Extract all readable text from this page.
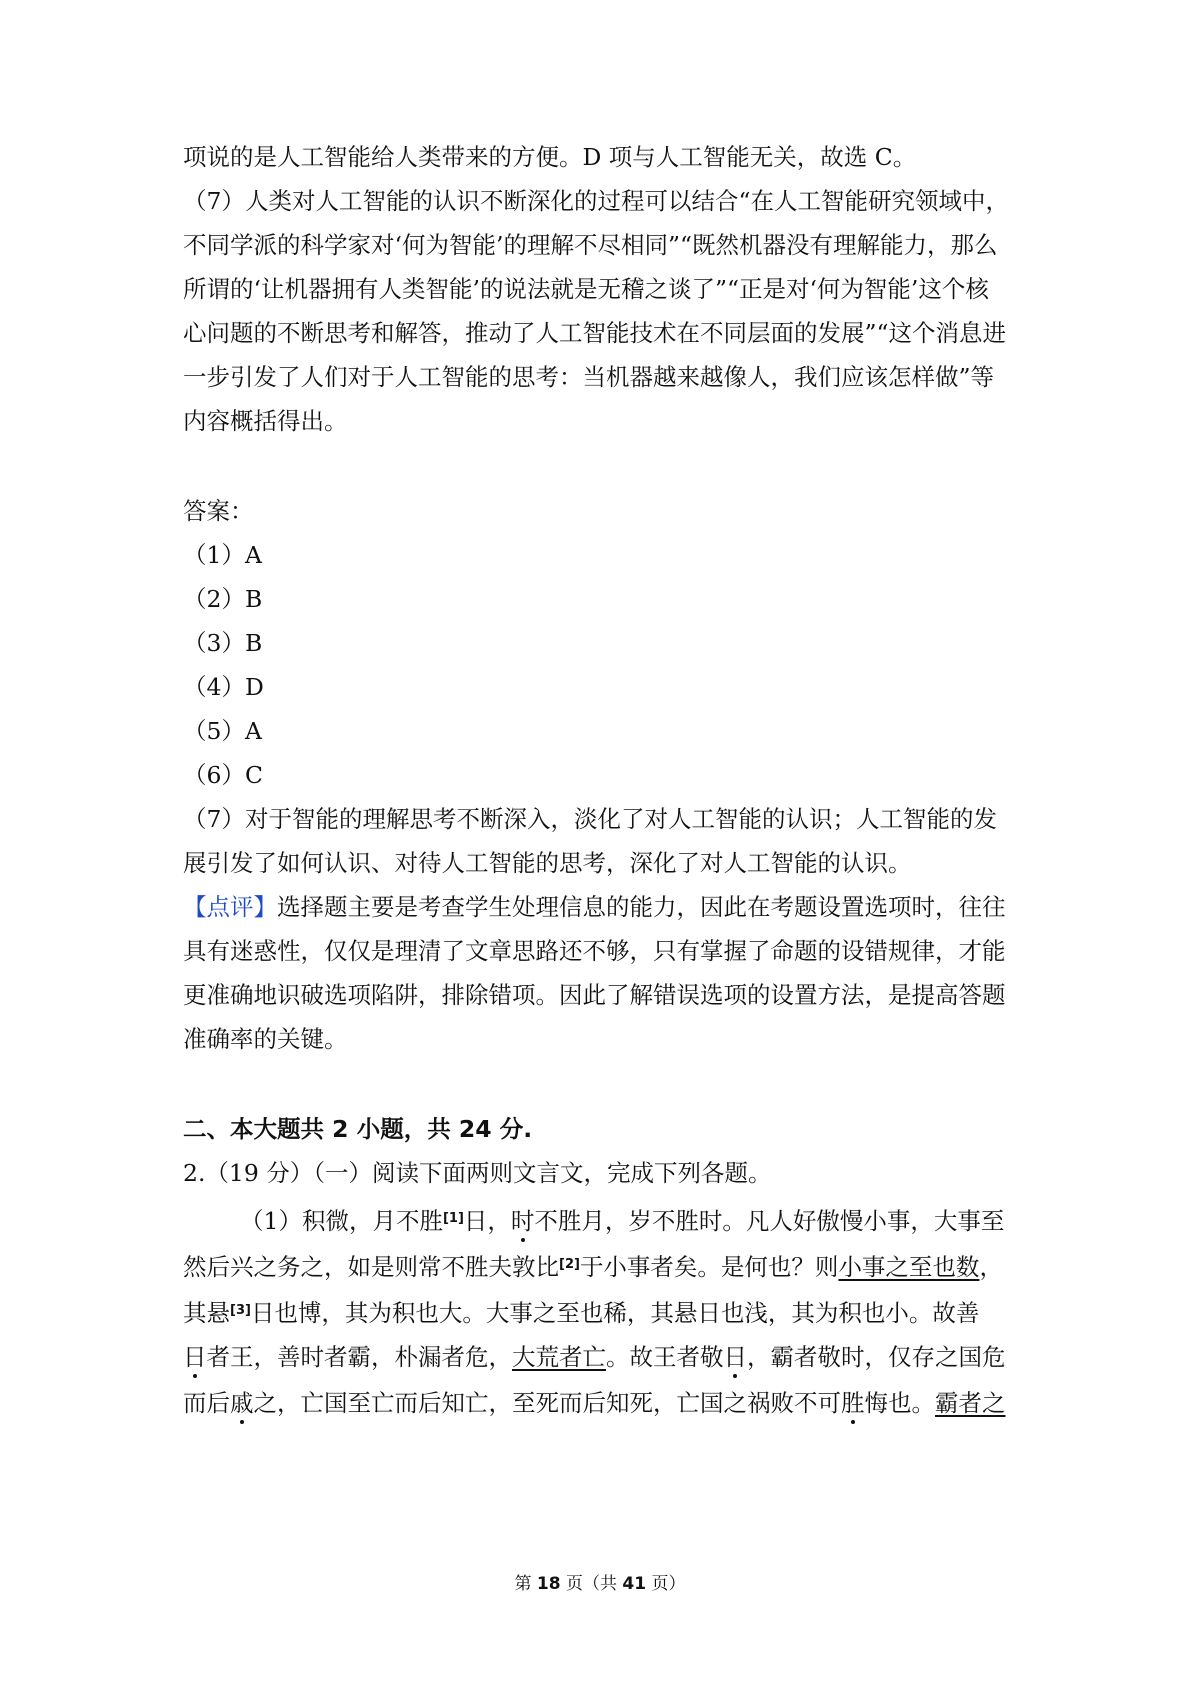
项说的是人工智能给人类带来的方便。D 项与人工智能无关，故选 C。
（7）人类对人工智能的认识不断深化的过程可以结合“在人工智能研究领域中，
不同学派的科学家对‘何为智能’的理解不尽相同”“既然机器没有理解能力，那么
所谓的‘让机器拥有人类智能’的说法就是无稽之谈了”“正是对‘何为智能’这个核
心问题的不断思考和解答，推动了人工智能技术在不同层面的发展”“这个消息进
一步引发了人们对于人工智能的思考：当机器越来越像人，我们应该怎样做”等
内容概括得出。
答案：
（1）A
（2）B
（3）B
（4）D
（5）A
（6）C
（7）对于智能的理解思考不断深入，淡化了对人工智能的认识；人工智能的发
展引发了如何认识、对待人工智能的思考，深化了对人工智能的认识。
【点评】选择题主要是考查学生处理信息的能力，因此在考题设置选项时，往往
具有迷惑性，仅仅是理清了文章思路还不够，只有掌握了命题的设错规律，才能
更准确地识破选项陷阱，排除错项。因此了解错误选项的设置方法，是提高答题
准确率的关键。
二、本大题共 2 小题，共 24 分.
2.（19 分）（一）阅读下面两则文言文，完成下列各题。
（1）积微，月不胜[1]日，时不胜月，岁不胜时。凡人好傲慢小事，大事至
然后兴之务之，如是则常不胜夫敦比[2]于小事者矣。是何也？则小事之至也数，
其悬[3]日也博，其为积也大。大事之至也稀，其悬日也浅，其为积也小。故善
日者王，善时者霸，朴漏者危，大荒者亡。故王者敬日，霸者敬时，仅存之国危
而后戚之，亡国至亡而后知亡，至死而后知死，亡国之祸败不可胜悔也。霸者之
第 18 页（共 41 页）
